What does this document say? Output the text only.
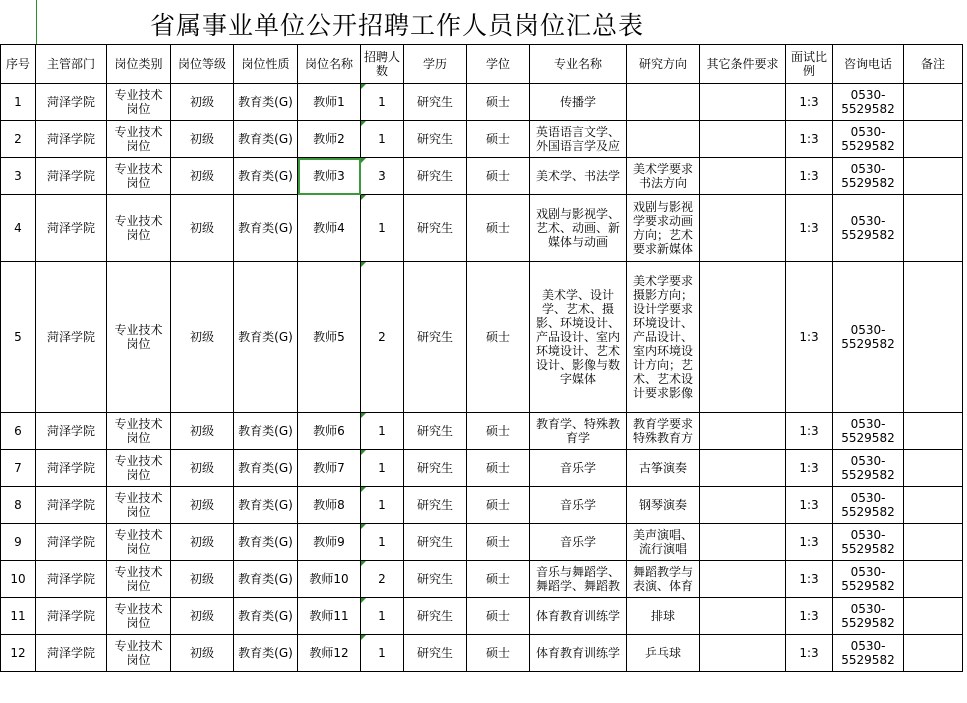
省属事业单位公开招聘工作人员岗位汇总表
序号	主管部门	岗位类别	岗位等级	岗位性质	岗位名称	招聘人数	学历	学位	专业名称	研究方向	其它条件要求	面试比例	咨询电话	备注

1	菏泽学院	专业技术岗位	初级	教育类(G)	教师1	1	研究生	硕士	传播学			1:3	0530-5529582	

2	菏泽学院	专业技术岗位	初级	教育类(G)	教师2	1	研究生	硕士	英语语言文学、外国语言学及应			1:3	0530-5529582	

3	菏泽学院	专业技术岗位	初级	教育类(G)	教师3	3	研究生	硕士	美术学、书法学	美术学要求书法方向		1:3	0530-5529582	

4	菏泽学院	专业技术岗位	初级	教育类(G)	教师4	1	研究生	硕士	戏剧与影视学、艺术、动画、新媒体与动画	戏剧与影视学要求动画方向；艺术要求新媒体		1:3	0530-5529582	

5	菏泽学院	专业技术岗位	初级	教育类(G)	教师5	2	研究生	硕士	美术学、设计学、艺术、摄影、环境设计、产品设计、室内环境设计、艺术设计、影像与数字媒体	美术学要求摄影方向；设计学要求环境设计、产品设计、室内环境设计方向；艺术、艺术设计要求影像		1:3	0530-5529582	

6	菏泽学院	专业技术岗位	初级	教育类(G)	教师6	1	研究生	硕士	教育学、特殊教育学	教育学要求特殊教育方		1:3	0530-5529582	

7	菏泽学院	专业技术岗位	初级	教育类(G)	教师7	1	研究生	硕士	音乐学	古筝演奏		1:3	0530-5529582	

8	菏泽学院	专业技术岗位	初级	教育类(G)	教师8	1	研究生	硕士	音乐学	钢琴演奏		1:3	0530-5529582	

9	菏泽学院	专业技术岗位	初级	教育类(G)	教师9	1	研究生	硕士	音乐学	美声演唱、流行演唱		1:3	0530-5529582	

10	菏泽学院	专业技术岗位	初级	教育类(G)	教师10	2	研究生	硕士	音乐与舞蹈学、舞蹈学、舞蹈教	舞蹈教学与表演、体育		1:3	0530-5529582	

11	菏泽学院	专业技术岗位	初级	教育类(G)	教师11	1	研究生	硕士	体育教育训练学	排球		1:3	0530-5529582	

12	菏泽学院	专业技术岗位	初级	教育类(G)	教师12	1	研究生	硕士	体育教育训练学	乒乓球		1:3	0530-5529582	
